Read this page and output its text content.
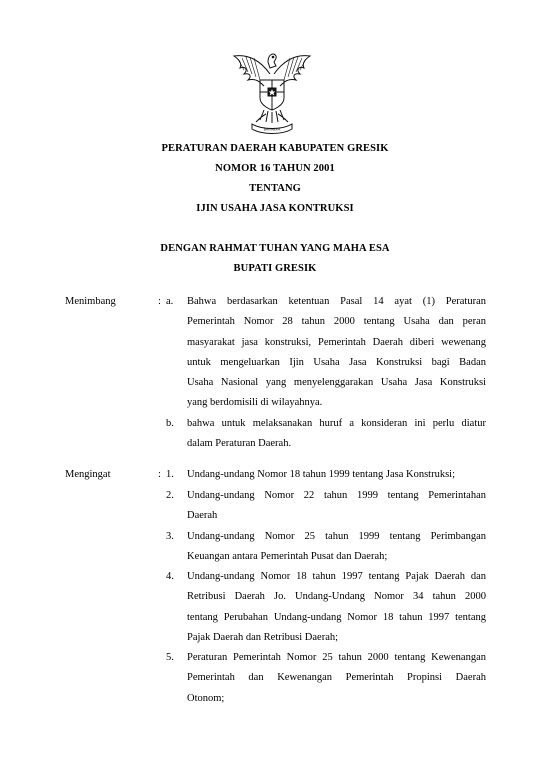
BHINNEKA
PERATURAN DAERAH KABUPATEN GRESIK
NOMOR 16 TAHUN 2001
TENTANG
IJIN USAHA JASA KONTRUKSI
DENGAN RAHMAT TUHAN YANG MAHA ESA
BUPATI GRESIK
Menimbang	: a.	Bahwa berdasarkan ketentuan Pasal 14 ayat (1) Peraturan
Pemerintah Nomor 28 tahun 2000 tentang Usaha dan peran
masyarakat jasa konstruksi, Pemerintah Daerah diberi wewenang
untuk mengeluarkan Ijin Usaha Jasa Konstruksi bagi Badan
Usaha Nasional yang menyelenggarakan Usaha Jasa Konstruksi
yang berdomisili di wilayahnya.
b.	bahwa untuk melaksanakan huruf a konsideran ini perlu diatur
dalam Peraturan Daerah.
Mengingat	: 1.	Undang-undang Nomor 18 tahun 1999 tentang Jasa Konstruksi;
2.	Undang-undang Nomor 22 tahun 1999 tentang Pemerintahan
Daerah
3.	Undang-undang Nomor 25 tahun 1999 tentang Perimbangan
Keuangan antara Pemerintah Pusat dan Daerah;
4.	Undang-undang Nomor 18 tahun 1997 tentang Pajak Daerah dan
Retribusi Daerah Jo. Undang-Undang Nomor 34 tahun 2000
tentang Perubahan Undang-undang Nomor 18 tahun 1997 tentang
Pajak Daerah dan Retribusi Daerah;
5.	Peraturan Pemerintah Nomor 25 tahun 2000 tentang Kewenangan
Pemerintah dan Kewenangan Pemerintah Propinsi Daerah
Otonom;
